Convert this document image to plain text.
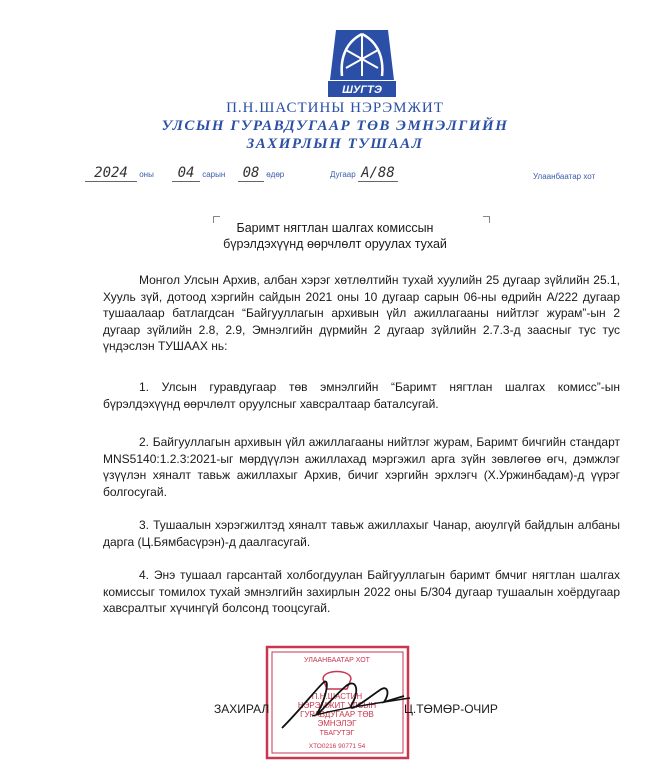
ШУГТЭ
П.Н.ШАСТИНЫ НЭРЭМЖИТ
УЛСЫН ГУРАВДУГААР ТӨВ ЭМНЭЛГИЙН
ЗАХИРЛЫН ТУШААЛ
2024 оны	04 сарын	08 өдөр	Дугаар А/88	Улаанбаатар хот
Баримт нягтлан шалгах комиссын
бүрэлдэхүүнд өөрчлөлт оруулах тухай

Монгол Улсын Архив, албан хэрэг хөтлөлтийн тухай хуулийн 25 дугаар зүйлийн 25.1, Хууль зүй, дотоод хэргийн сайдын 2021 оны 10 дугаар сарын 06-ны өдрийн А/222 дугаар тушаалаар батлагдсан “Байгууллагын архивын үйл ажиллагааны нийтлэг журам”-ын 2 дугаар зүйлийн 2.8, 2.9, Эмнэлгийн дүрмийн 2 дугаар зүйлийн 2.7.3-д заасныг тус тус үндэслэн ТУШААХ нь:

1. Улсын гуравдугаар төв эмнэлгийн “Баримт нягтлан шалгах комисс”-ын бүрэлдэхүүнд өөрчлөлт оруулсныг хавсралтаар баталсугай.

2. Байгууллагын архивын үйл ажиллагааны нийтлэг журам, Баримт бичгийн стандарт MNS5140:1.2.3:2021-ыг мөрдүүлэн ажиллахад мэргэжил арга зүйн зөвлөгөө өгч, дэмжлэг үзүүлэн хяналт тавьж ажиллахыг Архив, бичиг хэргийн эрхлэгч (Х.Уржинбадам)-д үүрэг болгосугай.

3. Тушаалын хэрэгжилтэд хяналт тавьж ажиллахыг Чанар, аюулгүй байдлын албаны дарга (Ц.Бямбасүрэн)-д даалгасугай.

4. Энэ тушаал гарсантай холбогдуулан Байгууллагын баримт бмчиг нягтлан шалгах комиссыг томилох тухай эмнэлгийн захирлын 2022 оны Б/304 дугаар тушаалын хоёрдугаар хавсралтыг хүчингүй болсонд тооцсугай.

УЛААНБААТАР ХОТ
П.Н.ШАСТИН
НЭРЭМЖИТ УЛСЫН
ГУРАВДУГААР ТӨВ
ЭМНЭЛЭГ
ТБАГУТЭГ
ХТО0216 90771 54
ЗАХИРАЛ	Ц.ТӨМӨР-ОЧИР
